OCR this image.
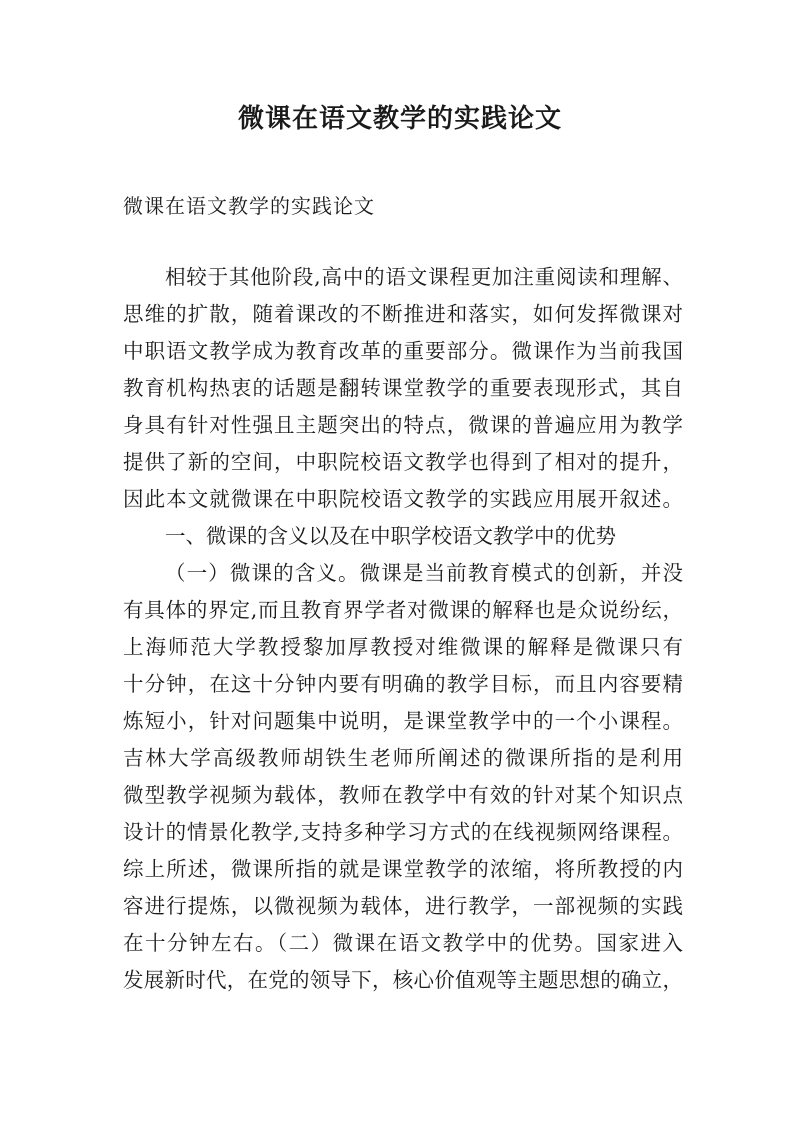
微课在语文教学的实践论文

微课在语文教学的实践论文

相较于其他阶段,高中的语文课程更加注重阅读和理解、
思维的扩散，随着课改的不断推进和落实，如何发挥微课对
中职语文教学成为教育改革的重要部分。微课作为当前我国
教育机构热衷的话题是翻转课堂教学的重要表现形式，其自
身具有针对性强且主题突出的特点，微课的普遍应用为教学
提供了新的空间，中职院校语文教学也得到了相对的提升，
因此本文就微课在中职院校语文教学的实践应用展开叙述。
一、微课的含义以及在中职学校语文教学中的优势
（一）微课的含义。微课是当前教育模式的创新，并没
有具体的界定,而且教育界学者对微课的解释也是众说纷纭，
上海师范大学教授黎加厚教授对维微课的解释是微课只有
十分钟，在这十分钟内要有明确的教学目标，而且内容要精
炼短小，针对问题集中说明，是课堂教学中的一个小课程。
吉林大学高级教师胡铁生老师所阐述的微课所指的是利用
微型教学视频为载体，教师在教学中有效的针对某个知识点
设计的情景化教学,支持多种学习方式的在线视频网络课程。
综上所述，微课所指的就是课堂教学的浓缩，将所教授的内
容进行提炼，以微视频为载体，进行教学，一部视频的实践
在十分钟左右。（二）微课在语文教学中的优势。国家进入
发展新时代，在党的领导下，核心价值观等主题思想的确立，
